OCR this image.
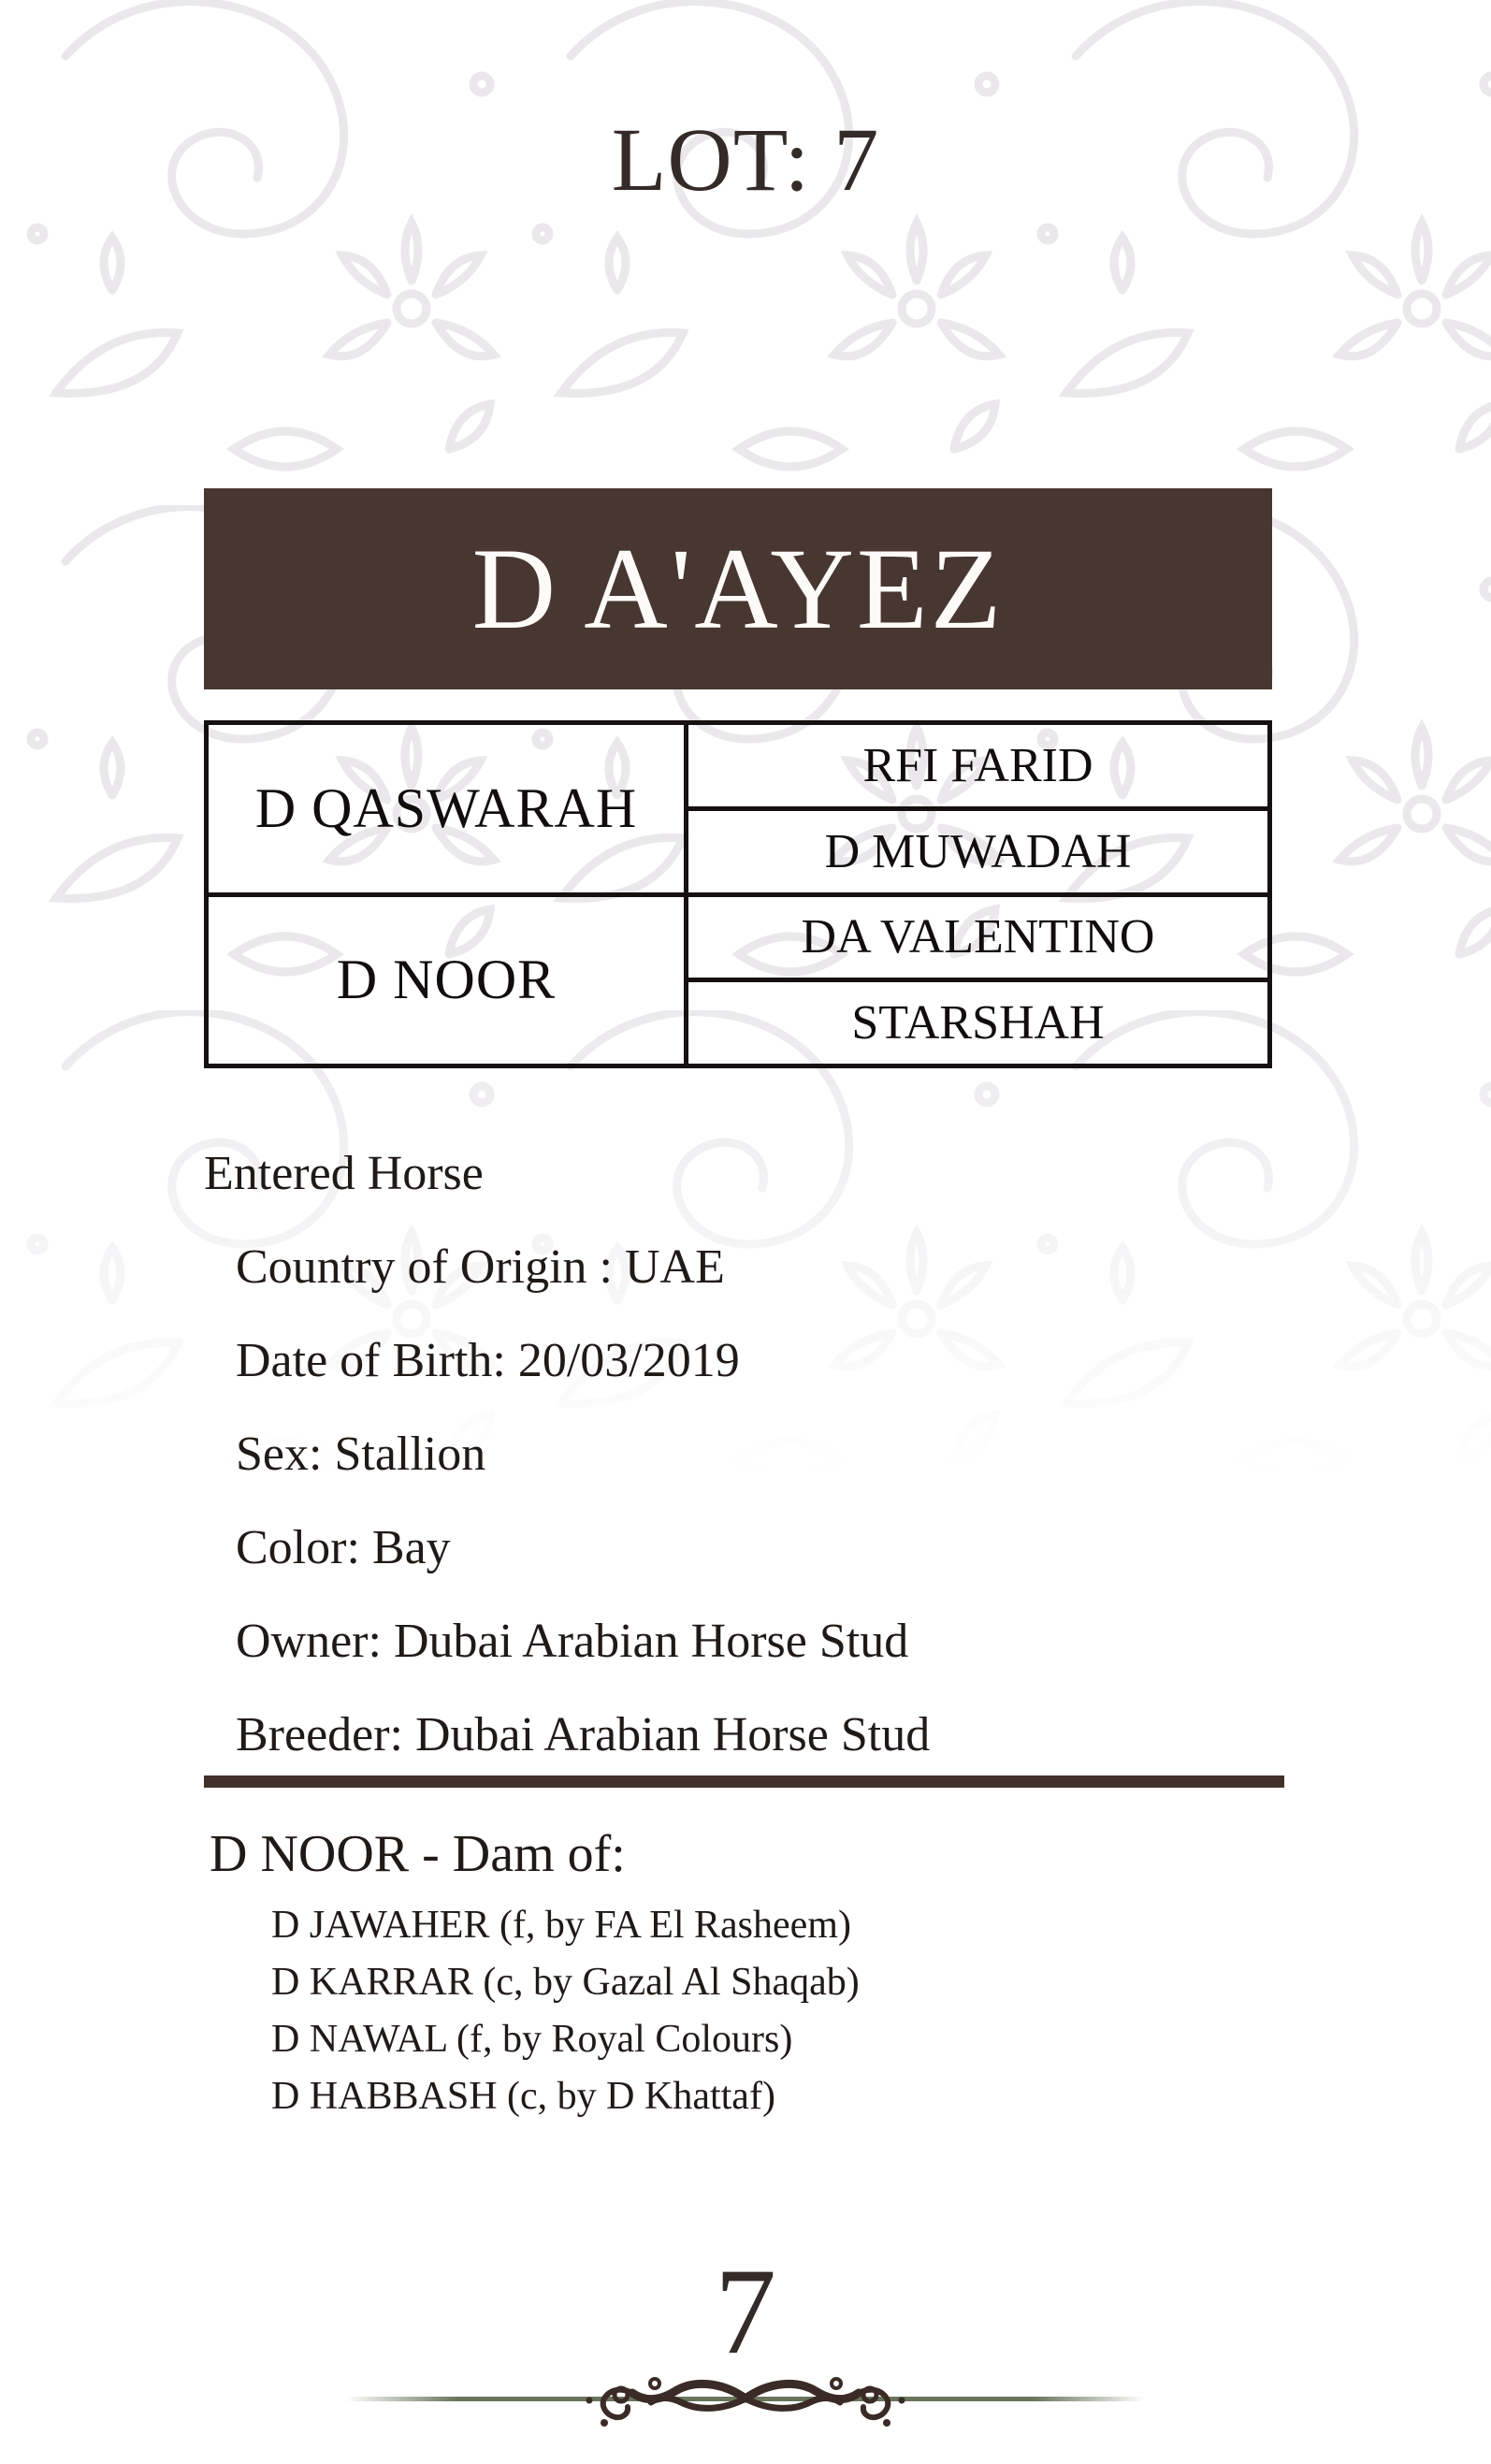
LOT: 7
D A'AYEZ
D QASWARAH	RFI FARID
	D MUWADAH
D NOOR	DA VALENTINO
	STARSHAH
Entered Horse
Country of Origin : UAE
Date of Birth: 20/03/2019
Sex: Stallion
Color: Bay
Owner: Dubai Arabian Horse Stud
Breeder: Dubai Arabian Horse Stud
D NOOR - Dam of:
D JAWAHER (f, by FA El Rasheem)
D KARRAR (c, by Gazal Al Shaqab)
D NAWAL (f, by Royal Colours)
D HABBASH (c, by D Khattaf)
7
